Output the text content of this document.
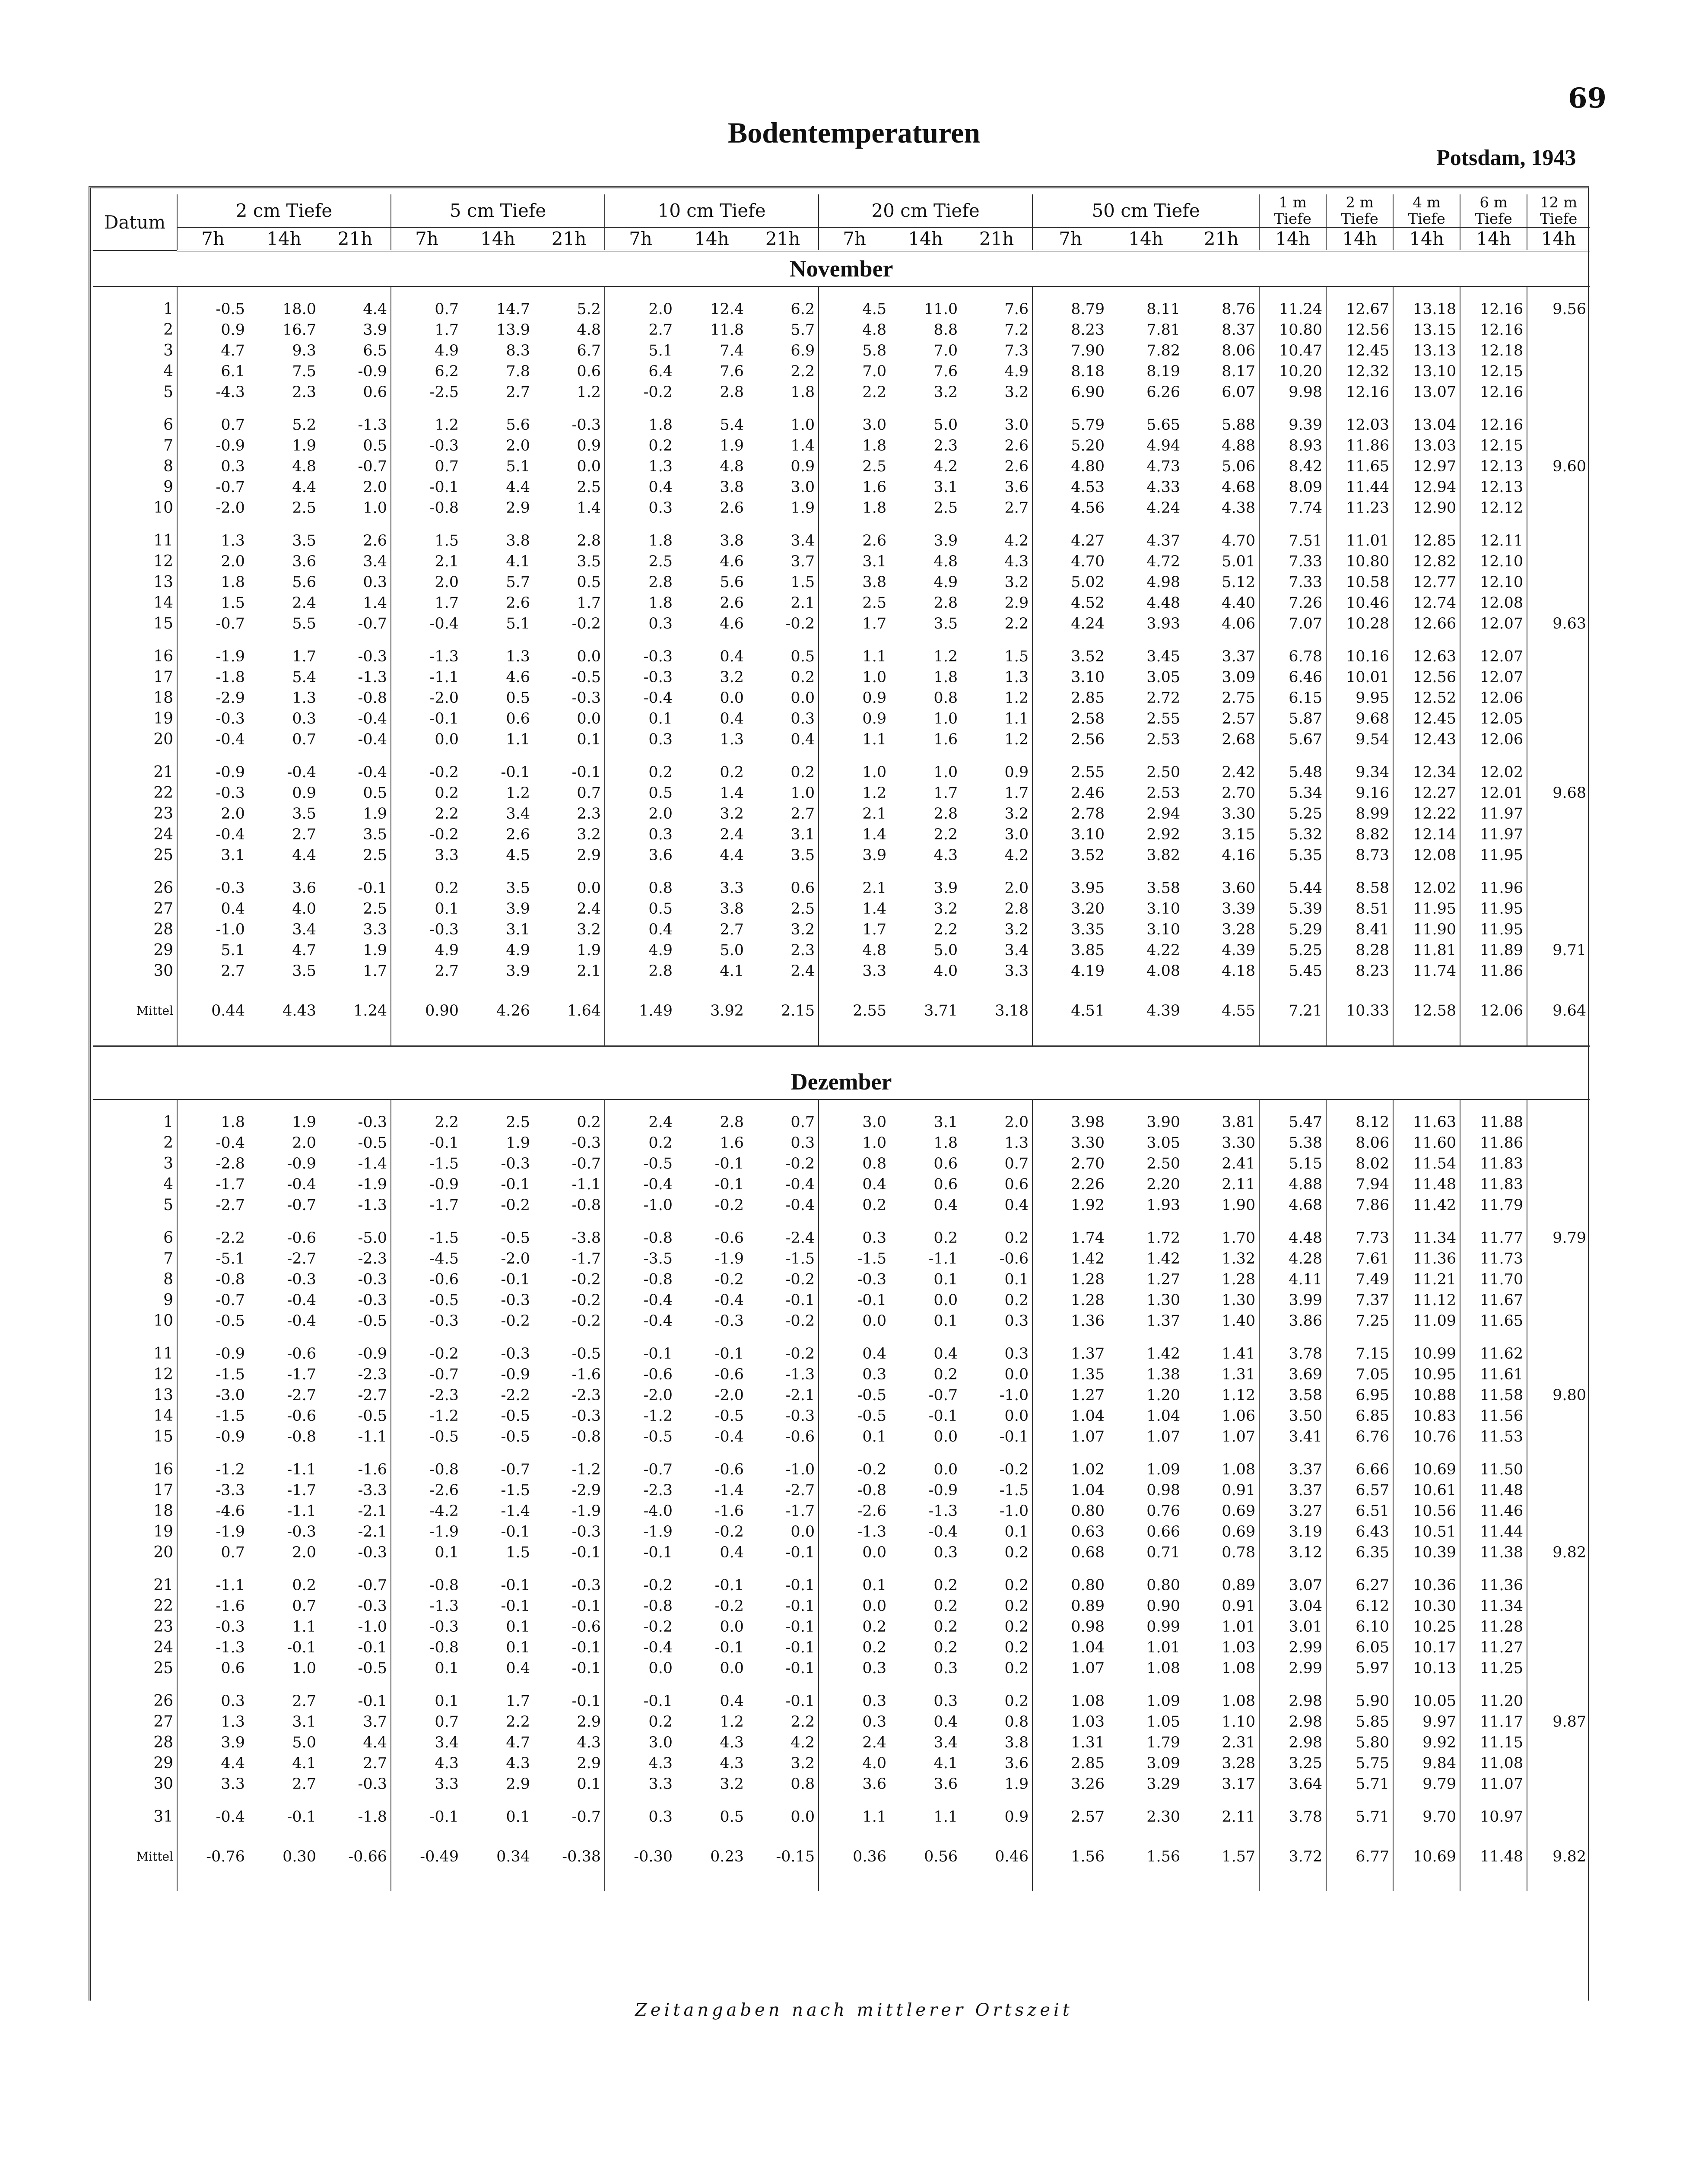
69
Bodentemperaturen
Potsdam, 1943
Datum	2 cm Tiefe			5 cm Tiefe			10 cm Tiefe			20 cm Tiefe			50 cm Tiefe			1 m Tiefe	2 m Tiefe	4 m Tiefe	6 m Tiefe	12 m Tiefe
	7h	14h	21h	7h	14h	21h	7h	14h	21h	7h	14h	21h	7h	14h	21h	14h	14h	14h	14h	14h
November																				

1	-0.5	18.0	4.4	0.7	14.7	5.2	2.0	12.4	6.2	4.5	11.0	7.6	8.79	8.11	8.76	11.24	12.67	13.18	12.16	9.56
2	0.9	16.7	3.9	1.7	13.9	4.8	2.7	11.8	5.7	4.8	8.8	7.2	8.23	7.81	8.37	10.80	12.56	13.15	12.16	
3	4.7	9.3	6.5	4.9	8.3	6.7	5.1	7.4	6.9	5.8	7.0	7.3	7.90	7.82	8.06	10.47	12.45	13.13	12.18	
4	6.1	7.5	-0.9	6.2	7.8	0.6	6.4	7.6	2.2	7.0	7.6	4.9	8.18	8.19	8.17	10.20	12.32	13.10	12.15	
5	-4.3	2.3	0.6	-2.5	2.7	1.2	-0.2	2.8	1.8	2.2	3.2	3.2	6.90	6.26	6.07	9.98	12.16	13.07	12.16	

6	0.7	5.2	-1.3	1.2	5.6	-0.3	1.8	5.4	1.0	3.0	5.0	3.0	5.79	5.65	5.88	9.39	12.03	13.04	12.16	
7	-0.9	1.9	0.5	-0.3	2.0	0.9	0.2	1.9	1.4	1.8	2.3	2.6	5.20	4.94	4.88	8.93	11.86	13.03	12.15	
8	0.3	4.8	-0.7	0.7	5.1	0.0	1.3	4.8	0.9	2.5	4.2	2.6	4.80	4.73	5.06	8.42	11.65	12.97	12.13	9.60
9	-0.7	4.4	2.0	-0.1	4.4	2.5	0.4	3.8	3.0	1.6	3.1	3.6	4.53	4.33	4.68	8.09	11.44	12.94	12.13	
10	-2.0	2.5	1.0	-0.8	2.9	1.4	0.3	2.6	1.9	1.8	2.5	2.7	4.56	4.24	4.38	7.74	11.23	12.90	12.12	

11	1.3	3.5	2.6	1.5	3.8	2.8	1.8	3.8	3.4	2.6	3.9	4.2	4.27	4.37	4.70	7.51	11.01	12.85	12.11	
12	2.0	3.6	3.4	2.1	4.1	3.5	2.5	4.6	3.7	3.1	4.8	4.3	4.70	4.72	5.01	7.33	10.80	12.82	12.10	
13	1.8	5.6	0.3	2.0	5.7	0.5	2.8	5.6	1.5	3.8	4.9	3.2	5.02	4.98	5.12	7.33	10.58	12.77	12.10	
14	1.5	2.4	1.4	1.7	2.6	1.7	1.8	2.6	2.1	2.5	2.8	2.9	4.52	4.48	4.40	7.26	10.46	12.74	12.08	
15	-0.7	5.5	-0.7	-0.4	5.1	-0.2	0.3	4.6	-0.2	1.7	3.5	2.2	4.24	3.93	4.06	7.07	10.28	12.66	12.07	9.63

16	-1.9	1.7	-0.3	-1.3	1.3	0.0	-0.3	0.4	0.5	1.1	1.2	1.5	3.52	3.45	3.37	6.78	10.16	12.63	12.07	
17	-1.8	5.4	-1.3	-1.1	4.6	-0.5	-0.3	3.2	0.2	1.0	1.8	1.3	3.10	3.05	3.09	6.46	10.01	12.56	12.07	
18	-2.9	1.3	-0.8	-2.0	0.5	-0.3	-0.4	0.0	0.0	0.9	0.8	1.2	2.85	2.72	2.75	6.15	9.95	12.52	12.06	
19	-0.3	0.3	-0.4	-0.1	0.6	0.0	0.1	0.4	0.3	0.9	1.0	1.1	2.58	2.55	2.57	5.87	9.68	12.45	12.05	
20	-0.4	0.7	-0.4	0.0	1.1	0.1	0.3	1.3	0.4	1.1	1.6	1.2	2.56	2.53	2.68	5.67	9.54	12.43	12.06	

21	-0.9	-0.4	-0.4	-0.2	-0.1	-0.1	0.2	0.2	0.2	1.0	1.0	0.9	2.55	2.50	2.42	5.48	9.34	12.34	12.02	
22	-0.3	0.9	0.5	0.2	1.2	0.7	0.5	1.4	1.0	1.2	1.7	1.7	2.46	2.53	2.70	5.34	9.16	12.27	12.01	9.68
23	2.0	3.5	1.9	2.2	3.4	2.3	2.0	3.2	2.7	2.1	2.8	3.2	2.78	2.94	3.30	5.25	8.99	12.22	11.97	
24	-0.4	2.7	3.5	-0.2	2.6	3.2	0.3	2.4	3.1	1.4	2.2	3.0	3.10	2.92	3.15	5.32	8.82	12.14	11.97	
25	3.1	4.4	2.5	3.3	4.5	2.9	3.6	4.4	3.5	3.9	4.3	4.2	3.52	3.82	4.16	5.35	8.73	12.08	11.95	

26	-0.3	3.6	-0.1	0.2	3.5	0.0	0.8	3.3	0.6	2.1	3.9	2.0	3.95	3.58	3.60	5.44	8.58	12.02	11.96	
27	0.4	4.0	2.5	0.1	3.9	2.4	0.5	3.8	2.5	1.4	3.2	2.8	3.20	3.10	3.39	5.39	8.51	11.95	11.95	
28	-1.0	3.4	3.3	-0.3	3.1	3.2	0.4	2.7	3.2	1.7	2.2	3.2	3.35	3.10	3.28	5.29	8.41	11.90	11.95	
29	5.1	4.7	1.9	4.9	4.9	1.9	4.9	5.0	2.3	4.8	5.0	3.4	3.85	4.22	4.39	5.25	8.28	11.81	11.89	9.71
30	2.7	3.5	1.7	2.7	3.9	2.1	2.8	4.1	2.4	3.3	4.0	3.3	4.19	4.08	4.18	5.45	8.23	11.74	11.86	

Mittel	0.44	4.43	1.24	0.90	4.26	1.64	1.49	3.92	2.15	2.55	3.71	3.18	4.51	4.39	4.55	7.21	10.33	12.58	12.06	9.64

Dezember																				

1	1.8	1.9	-0.3	2.2	2.5	0.2	2.4	2.8	0.7	3.0	3.1	2.0	3.98	3.90	3.81	5.47	8.12	11.63	11.88	
2	-0.4	2.0	-0.5	-0.1	1.9	-0.3	0.2	1.6	0.3	1.0	1.8	1.3	3.30	3.05	3.30	5.38	8.06	11.60	11.86	
3	-2.8	-0.9	-1.4	-1.5	-0.3	-0.7	-0.5	-0.1	-0.2	0.8	0.6	0.7	2.70	2.50	2.41	5.15	8.02	11.54	11.83	
4	-1.7	-0.4	-1.9	-0.9	-0.1	-1.1	-0.4	-0.1	-0.4	0.4	0.6	0.6	2.26	2.20	2.11	4.88	7.94	11.48	11.83	
5	-2.7	-0.7	-1.3	-1.7	-0.2	-0.8	-1.0	-0.2	-0.4	0.2	0.4	0.4	1.92	1.93	1.90	4.68	7.86	11.42	11.79	

6	-2.2	-0.6	-5.0	-1.5	-0.5	-3.8	-0.8	-0.6	-2.4	0.3	0.2	0.2	1.74	1.72	1.70	4.48	7.73	11.34	11.77	9.79
7	-5.1	-2.7	-2.3	-4.5	-2.0	-1.7	-3.5	-1.9	-1.5	-1.5	-1.1	-0.6	1.42	1.42	1.32	4.28	7.61	11.36	11.73	
8	-0.8	-0.3	-0.3	-0.6	-0.1	-0.2	-0.8	-0.2	-0.2	-0.3	0.1	0.1	1.28	1.27	1.28	4.11	7.49	11.21	11.70	
9	-0.7	-0.4	-0.3	-0.5	-0.3	-0.2	-0.4	-0.4	-0.1	-0.1	0.0	0.2	1.28	1.30	1.30	3.99	7.37	11.12	11.67	
10	-0.5	-0.4	-0.5	-0.3	-0.2	-0.2	-0.4	-0.3	-0.2	0.0	0.1	0.3	1.36	1.37	1.40	3.86	7.25	11.09	11.65	

11	-0.9	-0.6	-0.9	-0.2	-0.3	-0.5	-0.1	-0.1	-0.2	0.4	0.4	0.3	1.37	1.42	1.41	3.78	7.15	10.99	11.62	
12	-1.5	-1.7	-2.3	-0.7	-0.9	-1.6	-0.6	-0.6	-1.3	0.3	0.2	0.0	1.35	1.38	1.31	3.69	7.05	10.95	11.61	
13	-3.0	-2.7	-2.7	-2.3	-2.2	-2.3	-2.0	-2.0	-2.1	-0.5	-0.7	-1.0	1.27	1.20	1.12	3.58	6.95	10.88	11.58	9.80
14	-1.5	-0.6	-0.5	-1.2	-0.5	-0.3	-1.2	-0.5	-0.3	-0.5	-0.1	0.0	1.04	1.04	1.06	3.50	6.85	10.83	11.56	
15	-0.9	-0.8	-1.1	-0.5	-0.5	-0.8	-0.5	-0.4	-0.6	0.1	0.0	-0.1	1.07	1.07	1.07	3.41	6.76	10.76	11.53	

16	-1.2	-1.1	-1.6	-0.8	-0.7	-1.2	-0.7	-0.6	-1.0	-0.2	0.0	-0.2	1.02	1.09	1.08	3.37	6.66	10.69	11.50	
17	-3.3	-1.7	-3.3	-2.6	-1.5	-2.9	-2.3	-1.4	-2.7	-0.8	-0.9	-1.5	1.04	0.98	0.91	3.37	6.57	10.61	11.48	
18	-4.6	-1.1	-2.1	-4.2	-1.4	-1.9	-4.0	-1.6	-1.7	-2.6	-1.3	-1.0	0.80	0.76	0.69	3.27	6.51	10.56	11.46	
19	-1.9	-0.3	-2.1	-1.9	-0.1	-0.3	-1.9	-0.2	0.0	-1.3	-0.4	0.1	0.63	0.66	0.69	3.19	6.43	10.51	11.44	
20	0.7	2.0	-0.3	0.1	1.5	-0.1	-0.1	0.4	-0.1	0.0	0.3	0.2	0.68	0.71	0.78	3.12	6.35	10.39	11.38	9.82

21	-1.1	0.2	-0.7	-0.8	-0.1	-0.3	-0.2	-0.1	-0.1	0.1	0.2	0.2	0.80	0.80	0.89	3.07	6.27	10.36	11.36	
22	-1.6	0.7	-0.3	-1.3	-0.1	-0.1	-0.8	-0.2	-0.1	0.0	0.2	0.2	0.89	0.90	0.91	3.04	6.12	10.30	11.34	
23	-0.3	1.1	-1.0	-0.3	0.1	-0.6	-0.2	0.0	-0.1	0.2	0.2	0.2	0.98	0.99	1.01	3.01	6.10	10.25	11.28	
24	-1.3	-0.1	-0.1	-0.8	0.1	-0.1	-0.4	-0.1	-0.1	0.2	0.2	0.2	1.04	1.01	1.03	2.99	6.05	10.17	11.27	
25	0.6	1.0	-0.5	0.1	0.4	-0.1	0.0	0.0	-0.1	0.3	0.3	0.2	1.07	1.08	1.08	2.99	5.97	10.13	11.25	

26	0.3	2.7	-0.1	0.1	1.7	-0.1	-0.1	0.4	-0.1	0.3	0.3	0.2	1.08	1.09	1.08	2.98	5.90	10.05	11.20	
27	1.3	3.1	3.7	0.7	2.2	2.9	0.2	1.2	2.2	0.3	0.4	0.8	1.03	1.05	1.10	2.98	5.85	9.97	11.17	9.87
28	3.9	5.0	4.4	3.4	4.7	4.3	3.0	4.3	4.2	2.4	3.4	3.8	1.31	1.79	2.31	2.98	5.80	9.92	11.15	
29	4.4	4.1	2.7	4.3	4.3	2.9	4.3	4.3	3.2	4.0	4.1	3.6	2.85	3.09	3.28	3.25	5.75	9.84	11.08	
30	3.3	2.7	-0.3	3.3	2.9	0.1	3.3	3.2	0.8	3.6	3.6	1.9	3.26	3.29	3.17	3.64	5.71	9.79	11.07	

31	-0.4	-0.1	-1.8	-0.1	0.1	-0.7	0.3	0.5	0.0	1.1	1.1	0.9	2.57	2.30	2.11	3.78	5.71	9.70	10.97	

Mittel	-0.76	0.30	-0.66	-0.49	0.34	-0.38	-0.30	0.23	-0.15	0.36	0.56	0.46	1.56	1.56	1.57	3.72	6.77	10.69	11.48	9.82
Zeitangaben nach mittlerer Ortszeit
